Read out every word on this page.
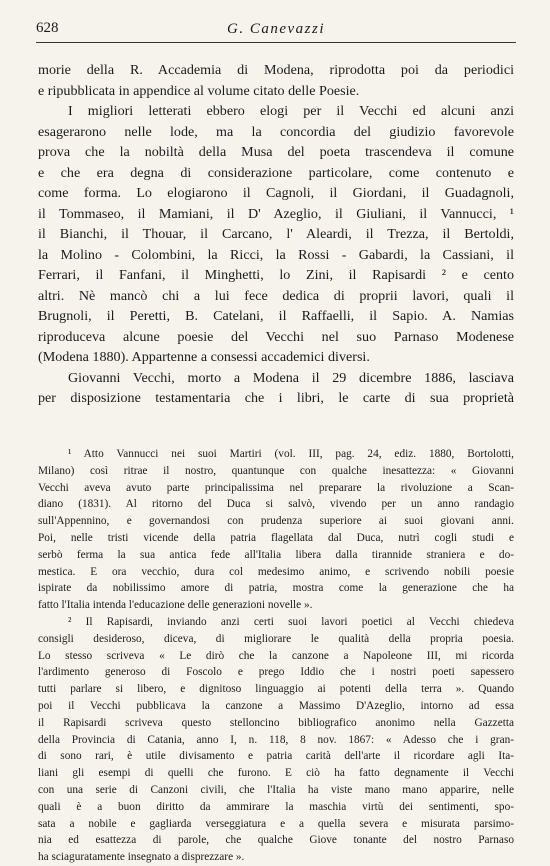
628	G. Canevazzi
morie della R. Accademia di Modena, riprodotta poi da periodici
e ripubblicata in appendice al volume citato delle Poesie.
I migliori letterati ebbero elogi per il Vecchi ed alcuni anzi
esagerarono nelle lode, ma la concordia del giudizio favorevole
prova che la nobiltà della Musa del poeta trascendeva il comune
e che era degna di considerazione particolare, come contenuto e
come forma. Lo elogiarono il Cagnoli, il Giordani, il Guadagnoli,
il Tommaseo, il Mamiani, il D' Azeglio, il Giuliani, il Vannucci, ¹
il Bianchi, il Thouar, il Carcano, l' Aleardi, il Trezza, il Bertoldi,
la Molino - Colombini, la Ricci, la Rossi - Gabardi, la Cassiani, il
Ferrari, il Fanfani, il Minghetti, lo Zini, il Rapisardi ² e cento
altri. Nè mancò chi a lui fece dedica di proprii lavori, quali il
Brugnoli, il Peretti, B. Catelani, il Raffaelli, il Sapio. A. Namias
riproduceva alcune poesie del Vecchi nel suo Parnaso Modenese
(Modena 1880). Appartenne a consessi accademici diversi.
Giovanni Vecchi, morto a Modena il 29 dicembre 1886, lasciava
per disposizione testamentaria che i libri, le carte di sua proprietà
¹ Atto Vannucci nei suoi Martiri (vol. III, pag. 24, ediz. 1880, Bortolotti,
Milano) così ritrae il nostro, quantunque con qualche inesattezza: « Giovanni
Vecchi aveva avuto parte principalissima nel preparare la rivoluzione a Scan-
diano (1831). Al ritorno del Duca si salvò, vivendo per un anno randagio
sull'Appennino, e governandosi con prudenza superiore ai suoi giovani anni.
Poi, nelle tristi vicende della patria flagellata dal Duca, nutrì cogli studi e
serbò ferma la sua antica fede all'Italia libera dalla tirannide straniera e do-
mestica. E ora vecchio, dura col medesimo animo, e scrivendo nobili poesie
ispirate da nobilissimo amore di patria, mostra come la generazione che ha
fatto l'Italia intenda l'educazione delle generazioni novelle ».
² Il Rapisardi, inviando anzi certi suoi lavori poetici al Vecchi chiedeva
consigli desideroso, diceva, di migliorare le qualità della propria poesia.
Lo stesso scriveva « Le dirò che la canzone a Napoleone III, mi ricorda
l'ardimento generoso di Foscolo e prego Iddio che i nostri poeti sapessero
tutti parlare si libero, e dignitoso linguaggio ai potenti della terra ». Quando
poi il Vecchi pubblicava la canzone a Massimo D'Azeglio, intorno ad essa
il Rapisardi scriveva questo stelloncino bibliografico anonimo nella Gazzetta
della Provincia di Catania, anno I, n. 118, 8 nov. 1867: « Adesso che i gran-
di sono rari, è utile divisamento e patria carità dell'arte il ricordare agli Ita-
liani gli esempi di quelli che furono. E ciò ha fatto degnamente il Vecchi
con una serie di Canzoni civili, che l'Italia ha viste mano mano apparire, nelle
quali è a buon diritto da ammirare la maschia virtù dei sentimenti, spo-
sata a nobile e gagliarda verseggiatura e a quella severa e misurata parsimo-
nia ed esattezza di parole, che qualche Giove tonante del nostro Parnaso
ha sciaguratamente insegnato a disprezzare ».
